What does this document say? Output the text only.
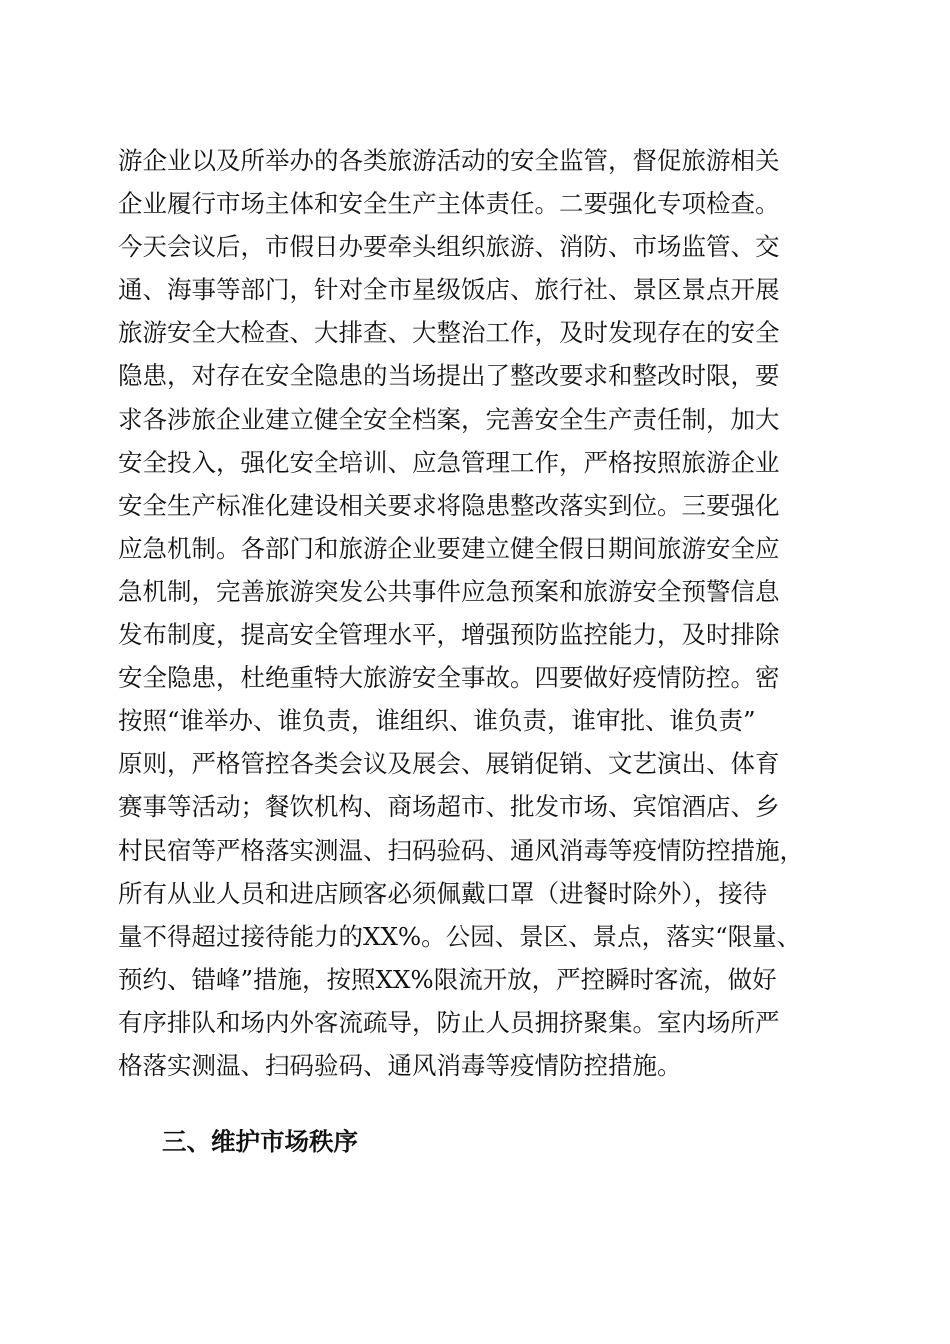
游企业以及所举办的各类旅游活动的安全监管，督促旅游相关
企业履行市场主体和安全生产主体责任。二要强化专项检查。
今天会议后，市假日办要牵头组织旅游、消防、市场监管、交
通、海事等部门，针对全市星级饭店、旅行社、景区景点开展
旅游安全大检查、大排查、大整治工作，及时发现存在的安全
隐患，对存在安全隐患的当场提出了整改要求和整改时限，要
求各涉旅企业建立健全安全档案，完善安全生产责任制，加大
安全投入，强化安全培训、应急管理工作，严格按照旅游企业
安全生产标准化建设相关要求将隐患整改落实到位。三要强化
应急机制。各部门和旅游企业要建立健全假日期间旅游安全应
急机制，完善旅游突发公共事件应急预案和旅游安全预警信息
发布制度，提高安全管理水平，增强预防监控能力，及时排除
安全隐患，杜绝重特大旅游安全事故。四要做好疫情防控。密
按照“谁举办、谁负责，谁组织、谁负责，谁审批、谁负责”
原则，严格管控各类会议及展会、展销促销、文艺演出、体育
赛事等活动；餐饮机构、商场超市、批发市场、宾馆酒店、乡
村民宿等严格落实测温、扫码验码、通风消毒等疫情防控措施，
所有从业人员和进店顾客必须佩戴口罩（进餐时除外），接待
量不得超过接待能力的XX%。公园、景区、景点，落实“限量、
预约、错峰”措施，按照XX%限流开放，严控瞬时客流，做好
有序排队和场内外客流疏导，防止人员拥挤聚集。室内场所严
格落实测温、扫码验码、通风消毒等疫情防控措施。
三、维护市场秩序
